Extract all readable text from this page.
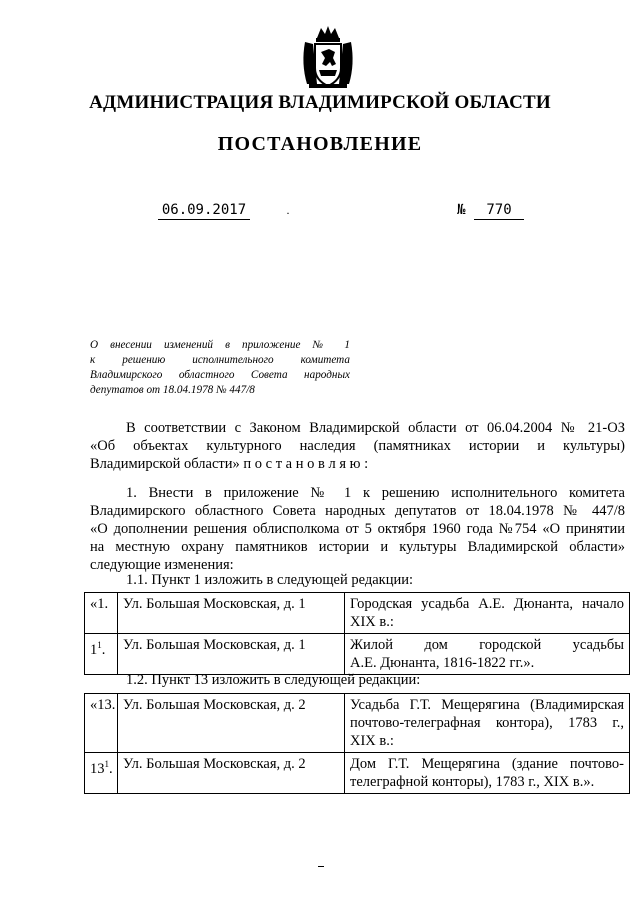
АДМИНИСТРАЦИЯ ВЛАДИМИРСКОЙ ОБЛАСТИ
ПОСТАНОВЛЕНИЕ
06.09.2017	·	№	770
О внесении изменений в приложение № 1
к решению исполнительного комитета
Владимирского областного Совета народных
депутатов от 18.04.1978 № 447/8
В соответствии с Законом Владимирской области от 06.04.2004 № 21-ОЗ
«Об объектах культурного наследия (памятниках истории и культуры)
Владимирской области» п о с т а н о в л я ю :
1. Внести в приложение № 1 к решению исполнительного комитета
Владимирского областного Совета народных депутатов от 18.04.1978 № 447/8
«О дополнении решения облисполкома от 5 октября 1960 года №754 «О принятии
на местную охрану памятников истории и культуры Владимирской области»
следующие изменения:
1.1. Пункт 1 изложить в следующей редакции:
«1.	Ул. Большая Московская, д. 1	Городская усадьба А.Е. Дюнанта, начало
XIX в.:

$1^1$.	Ул. Большая Московская, д. 1	Жилой дом городской усадьбы
А.Е. Дюнанта, 1816-1822 гг.».
1.2. Пункт 13 изложить в следующей редакции:
«13.	Ул. Большая Московская, д. 2	Усадьба Г.Т. Мещерягина (Владимирская
почтово-телеграфная контора), 1783 г.,
XIX в.:

$13^1$.	Ул. Большая Московская, д. 2	Дом Г.Т. Мещерягина (здание почтово-
телеграфной конторы), 1783 г., XIX в.».
